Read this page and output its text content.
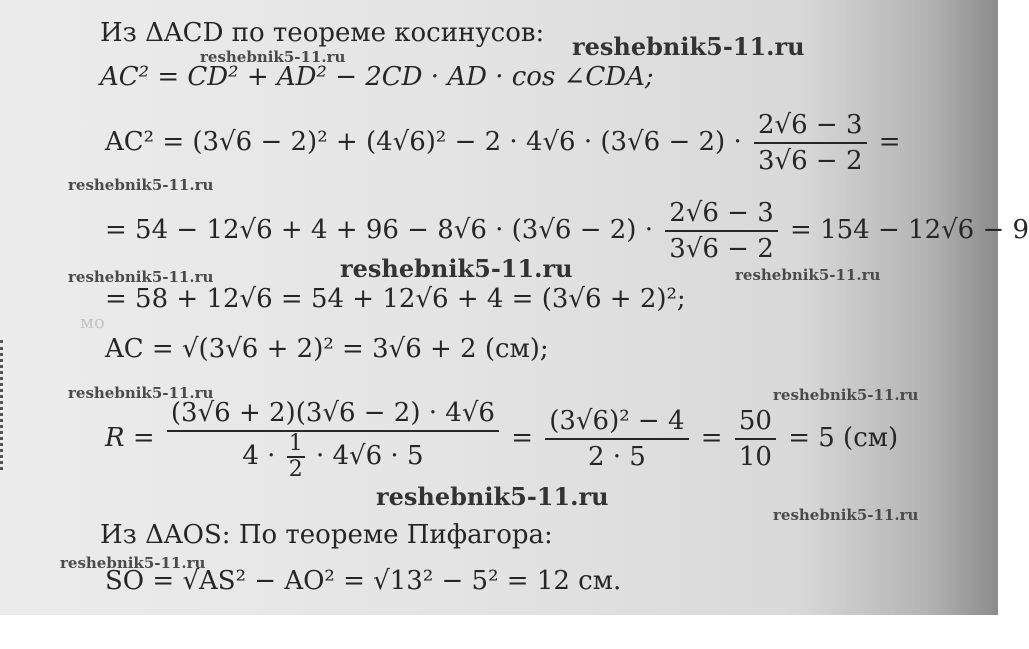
мо
Из ΔACD по теореме косинусов:
AC² = CD² + AD² − 2CD · AD · cos ∠CDA;
$AC^2 = (3√6 - 2)^2 + (4√6)^2 - 2 \cdot 4√6 \cdot (3√6 - 2) \cdot \frac{2√6 - 3}{3√6 - 2}$ =
= $54 - 12√6 + 4 + 96 - 8√6 \cdot (3√6 - 2) \cdot \frac{2√6 - 3}{3√6 - 2} = 154 - 12√6 - 9$
= 58 + 12√6 = 54 + 12√6 + 4 = (3√6 + 2)²;
AC = √(3√6 + 2)² = 3√6 + 2 (см);
R =
(3√6 + 2)(3√6 − 2) · 4√6
$4 \cdot \frac{1}{2} \cdot 4√6 \cdot 5$
= $\frac{\text{(3√6)² − 4}}{2 \cdot 5} = \frac{50}{10} = 5$ (см)
Из ΔAOS: По теореме Пифагора:
SO = √AS² − AO² = √13² − 5² = 12 см.
reshebnik5-11.ru	reshebnik5-11.ru
reshebnik5-11.ru
reshebnik5-11.ru	reshebnik5-11.ru	reshebnik5-11.ru
reshebnik5-11.ru	reshebnik5-11.ru
reshebnik5-11.ru
reshebnik5-11.ru
reshebnik5-11.ru
